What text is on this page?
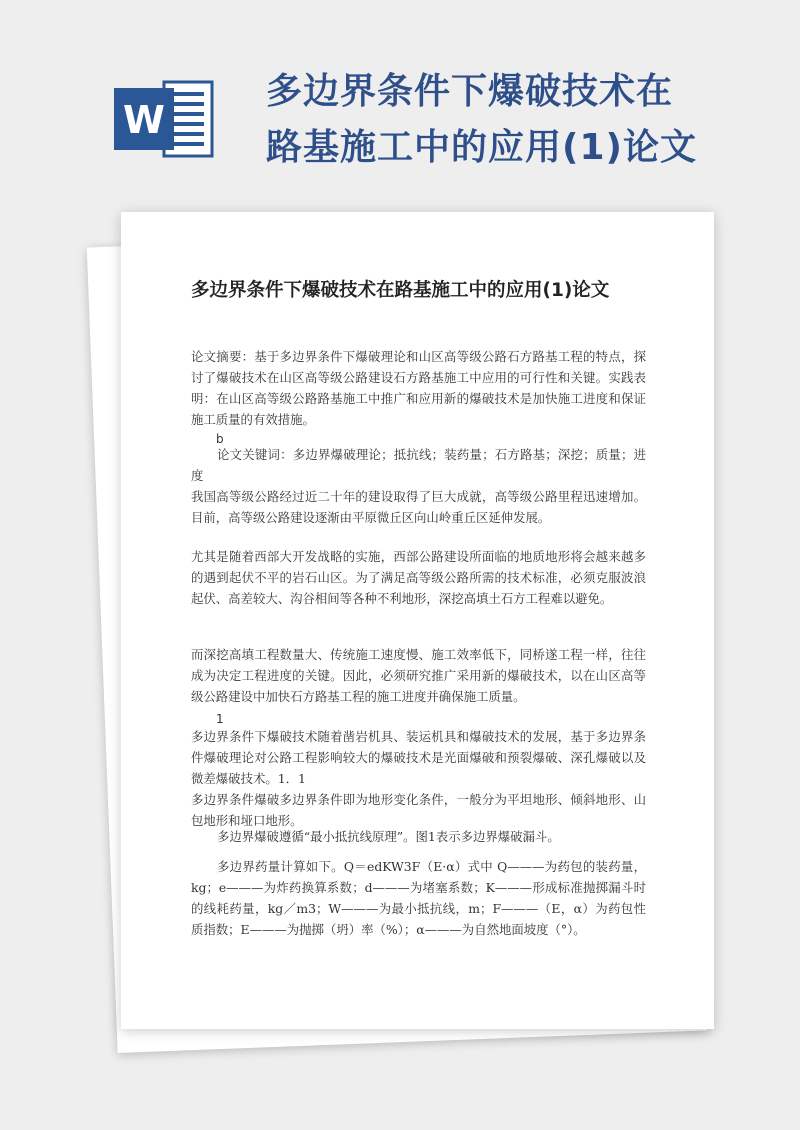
W
多边界条件下爆破技术在路基施工中的应用(1)论文
多边界条件下爆破技术在路基施工中的应用(1)论文
论文摘要：基于多边界条件下爆破理论和山区高等级公路石方路基工程的特点，探讨了爆破技术在山区高等级公路建设石方路基施工中应用的可行性和关键。实践表明：在山区高等级公路路基施工中推广和应用新的爆破技术是加快施工进度和保证施工质量的有效措施。
b
论文关键词：多边界爆破理论；抵抗线；装药量；石方路基；深挖；质量；进度
我国高等级公路经过近二十年的建设取得了巨大成就，高等级公路里程迅速增加。目前，高等级公路建设逐渐由平原微丘区向山岭重丘区延伸发展。
尤其是随着西部大开发战略的实施，西部公路建设所面临的地质地形将会越来越多的遇到起伏不平的岩石山区。为了满足高等级公路所需的技术标准，必须克服波浪起伏、高差较大、沟谷相间等各种不利地形，深挖高填土石方工程难以避免。
而深挖高填工程数量大、传统施工速度慢、施工效率低下，同桥遂工程一样，往往成为决定工程进度的关键。因此，必须研究推广采用新的爆破技术，以在山区高等级公路建设中加快石方路基工程的施工进度并确保施工质量。
1
多边界条件下爆破技术随着凿岩机具、装运机具和爆破技术的发展，基于多边界条件爆破理论对公路工程影响较大的爆破技术是光面爆破和预裂爆破、深孔爆破以及微差爆破技术。1．1
多边界条件爆破多边界条件即为地形变化条件，一般分为平坦地形、倾斜地形、山包地形和垭口地形。
多边界爆破遵循“最小抵抗线原理”。图1表示多边界爆破漏斗。
多边界药量计算如下。Q＝edKW3F（E·α）式中 Q———为药包的装药量，kg；e———为炸药换算系数；d———为堵塞系数；K———形成标准抛掷漏斗时的线耗药量，kg／m3；W———为最小抵抗线，m；F———（E，α）为药包性质指数；E———为抛掷（坍）率（%）；α———为自然地面坡度（°）。
